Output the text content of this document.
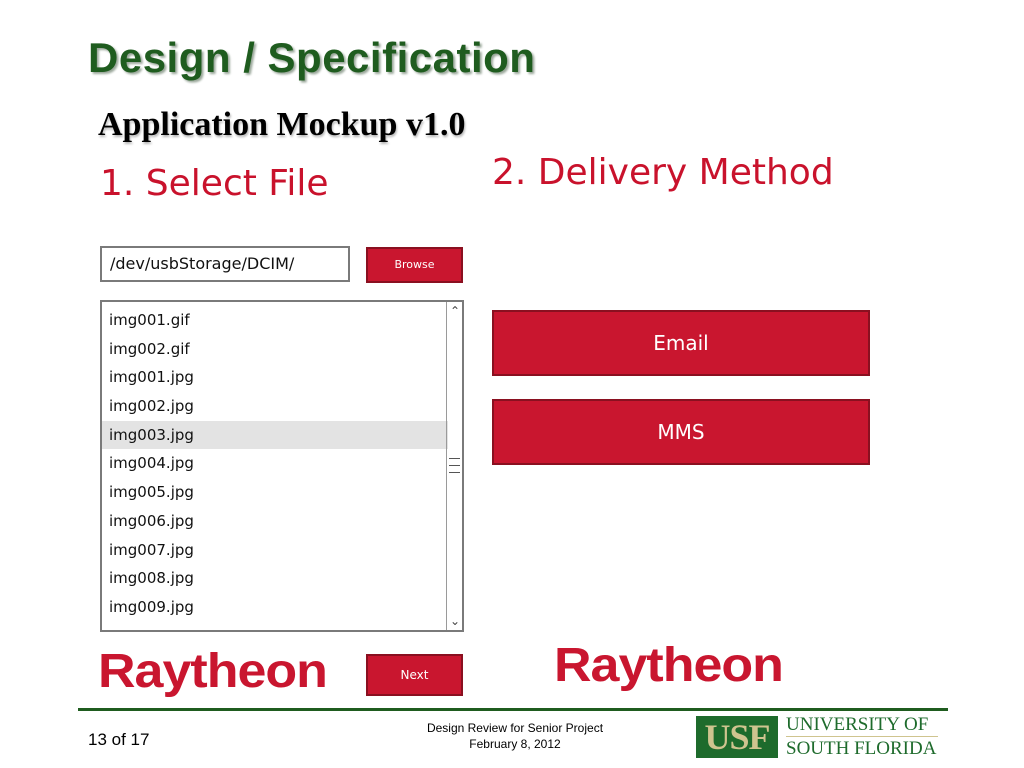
Design / Specification
Application Mockup v1.0
1. Select File	2. Delivery Method
/dev/usbStorage/DCIM/	Browse
img001.gif
img002.gif
img001.jpg
img002.jpg
img003.jpg
img004.jpg
img005.jpg
img006.jpg
img007.jpg
img008.jpg
img009.jpg
⌃
⌄
Email
MMS
Raytheon	Next	Raytheon
13 of 17
Design Review for Senior Project
February 8, 2012	USF UNIVERSITY OF
SOUTH FLORIDA
